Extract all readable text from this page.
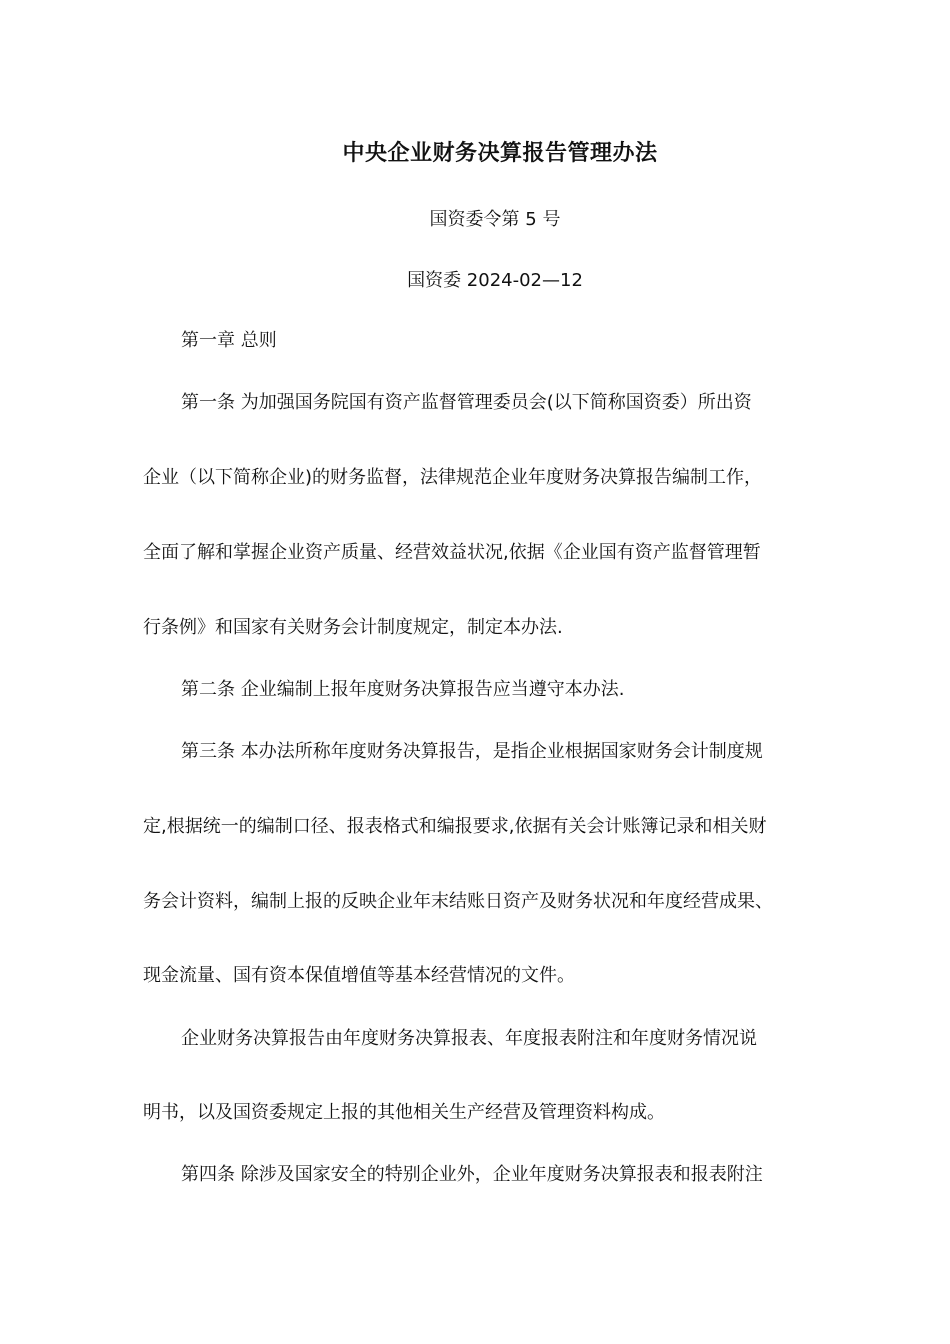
中央企业财务决算报告管理办法
国资委令第 5 号
国资委 2024-02—12
第一章 总则
第一条 为加强国务院国有资产监督管理委员会(以下简称国资委）所出资
企业（以下简称企业)的财务监督，法律规范企业年度财务决算报告编制工作，
全面了解和掌握企业资产质量、经营效益状况,依据《企业国有资产监督管理暂
行条例》和国家有关财务会计制度规定，制定本办法.
第二条 企业编制上报年度财务决算报告应当遵守本办法.
第三条 本办法所称年度财务决算报告，是指企业根据国家财务会计制度规
定,根据统一的编制口径、报表格式和编报要求,依据有关会计账簿记录和相关财
务会计资料，编制上报的反映企业年末结账日资产及财务状况和年度经营成果、
现金流量、国有资本保值增值等基本经营情况的文件。
企业财务决算报告由年度财务决算报表、年度报表附注和年度财务情况说
明书，以及国资委规定上报的其他相关生产经营及管理资料构成。
第四条 除涉及国家安全的特别企业外，企业年度财务决算报表和报表附注
